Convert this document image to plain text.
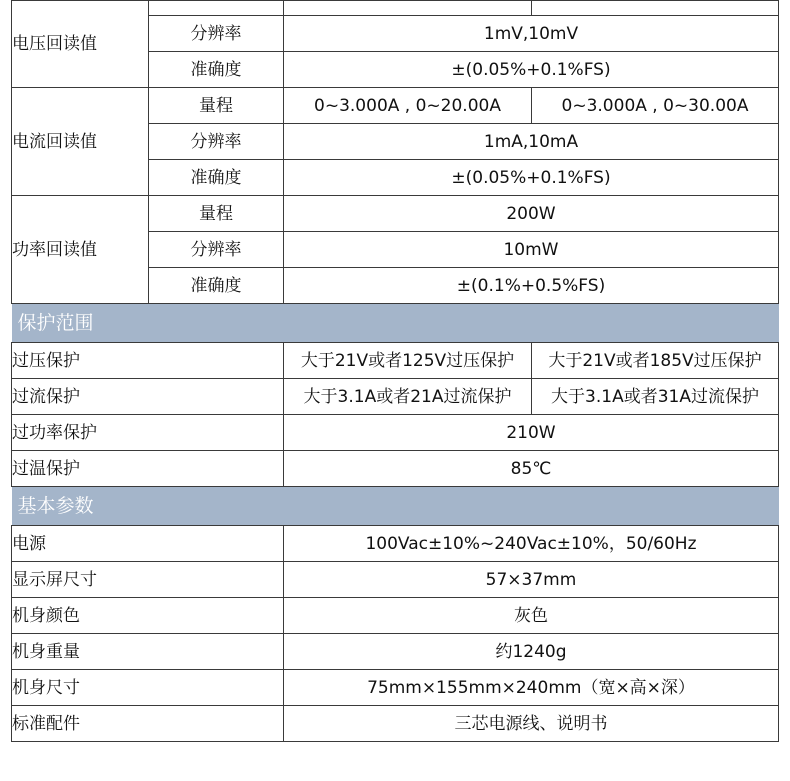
电压回读值			
	分辨率	1mV,10mV	
	准确度	±(0.05%+0.1%FS)	
电流回读值	量程	0~3.000A , 0~20.00A	0~3.000A , 0~30.00A
	分辨率	1mA,10mA	
	准确度	±(0.05%+0.1%FS)	
功率回读值	量程	200W	
	分辨率	10mW	
	准确度	±(0.1%+0.5%FS)	
保护范围			
过压保护		大于21V或者125V过压保护	大于21V或者185V过压保护
过流保护		大于3.1A或者21A过流保护	大于3.1A或者31A过流保护
过功率保护		210W	
过温保护		85℃	
基本参数			
电源		100Vac±10%~240Vac±10%，50/60Hz	
显示屏尺寸		57×37mm	
机身颜色		灰色	
机身重量		约1240g	
机身尺寸		75mm×155mm×240mm（宽×高×深）	
标准配件		三芯电源线、说明书	
